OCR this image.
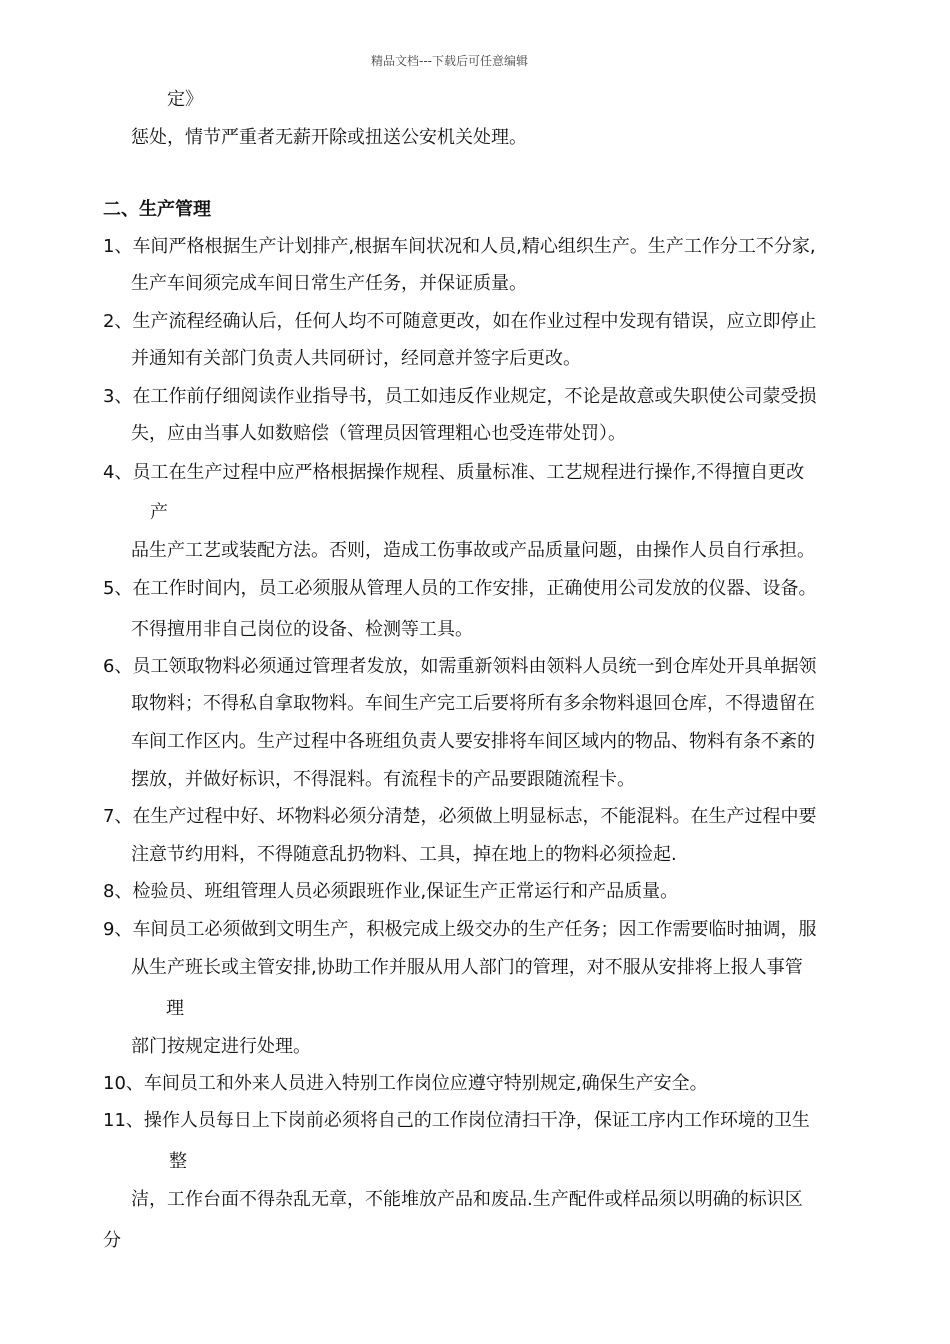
精品文档---下载后可任意编辑
定》
惩处，情节严重者无薪开除或扭送公安机关处理。
二、生产管理
1、车间严格根据生产计划排产,根据车间状况和人员,精心组织生产。生产工作分工不分家,
生产车间须完成车间日常生产任务，并保证质量。
2、生产流程经确认后，任何人均不可随意更改，如在作业过程中发现有错误，应立即停止
并通知有关部门负责人共同研讨，经同意并签字后更改。
3、在工作前仔细阅读作业指导书，员工如违反作业规定，不论是故意或失职使公司蒙受损
失，应由当事人如数赔偿（管理员因管理粗心也受连带处罚）。
4、员工在生产过程中应严格根据操作规程、质量标准、工艺规程进行操作,不得擅自更改
产
品生产工艺或装配方法。否则，造成工伤事故或产品质量问题，由操作人员自行承担。
5、在工作时间内，员工必须服从管理人员的工作安排，正确使用公司发放的仪器、设备。
不得擅用非自己岗位的设备、检测等工具。
6、员工领取物料必须通过管理者发放，如需重新领料由领料人员统一到仓库处开具单据领
取物料；不得私自拿取物料。车间生产完工后要将所有多余物料退回仓库，不得遗留在
车间工作区内。生产过程中各班组负责人要安排将车间区域内的物品、物料有条不紊的
摆放，并做好标识，不得混料。有流程卡的产品要跟随流程卡。
7、在生产过程中好、坏物料必须分清楚，必须做上明显标志，不能混料。在生产过程中要
注意节约用料，不得随意乱扔物料、工具，掉在地上的物料必须捡起.
8、检验员、班组管理人员必须跟班作业,保证生产正常运行和产品质量。
9、车间员工必须做到文明生产，积极完成上级交办的生产任务；因工作需要临时抽调，服
从生产班长或主管安排,协助工作并服从用人部门的管理，对不服从安排将上报人事管
理
部门按规定进行处理。
10、车间员工和外来人员进入特别工作岗位应遵守特别规定,确保生产安全。
11、操作人员每日上下岗前必须将自己的工作岗位清扫干净，保证工序内工作环境的卫生
整
洁，工作台面不得杂乱无章，不能堆放产品和废品.生产配件或样品须以明确的标识区
分
